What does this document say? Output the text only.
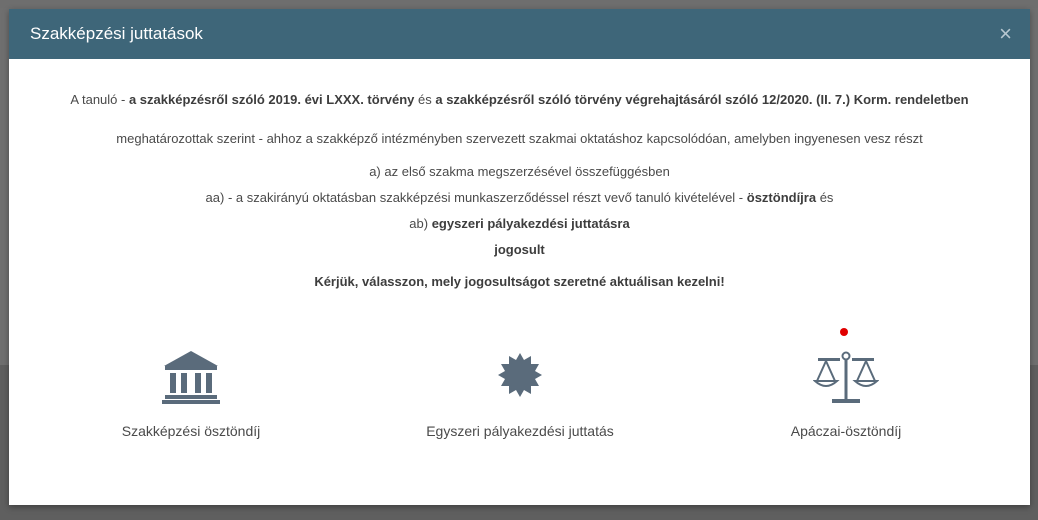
Szakképzési juttatások	×
A tanuló - a szakképzésről szóló 2019. évi LXXX. törvény és a szakképzésről szóló törvény végrehajtásáról szóló 12/2020. (II. 7.) Korm. rendeletben
meghatározottak szerint - ahhoz a szakképző intézményben szervezett szakmai oktatáshoz kapcsolódóan, amelyben ingyenesen vesz részt
a) az első szakma megszerzésével összefüggésben
aa) - a szakirányú oktatásban szakképzési munkaszerződéssel részt vevő tanuló kivételével - ösztöndíjra és
ab) egyszeri pályakezdési juttatásra
jogosult
Kérjük, válasszon, mely jogosultságot szeretné aktuálisan kezelni!
Szakképzési ösztöndíj	Egyszeri pályakezdési juttatás	Apáczai-ösztöndíj
